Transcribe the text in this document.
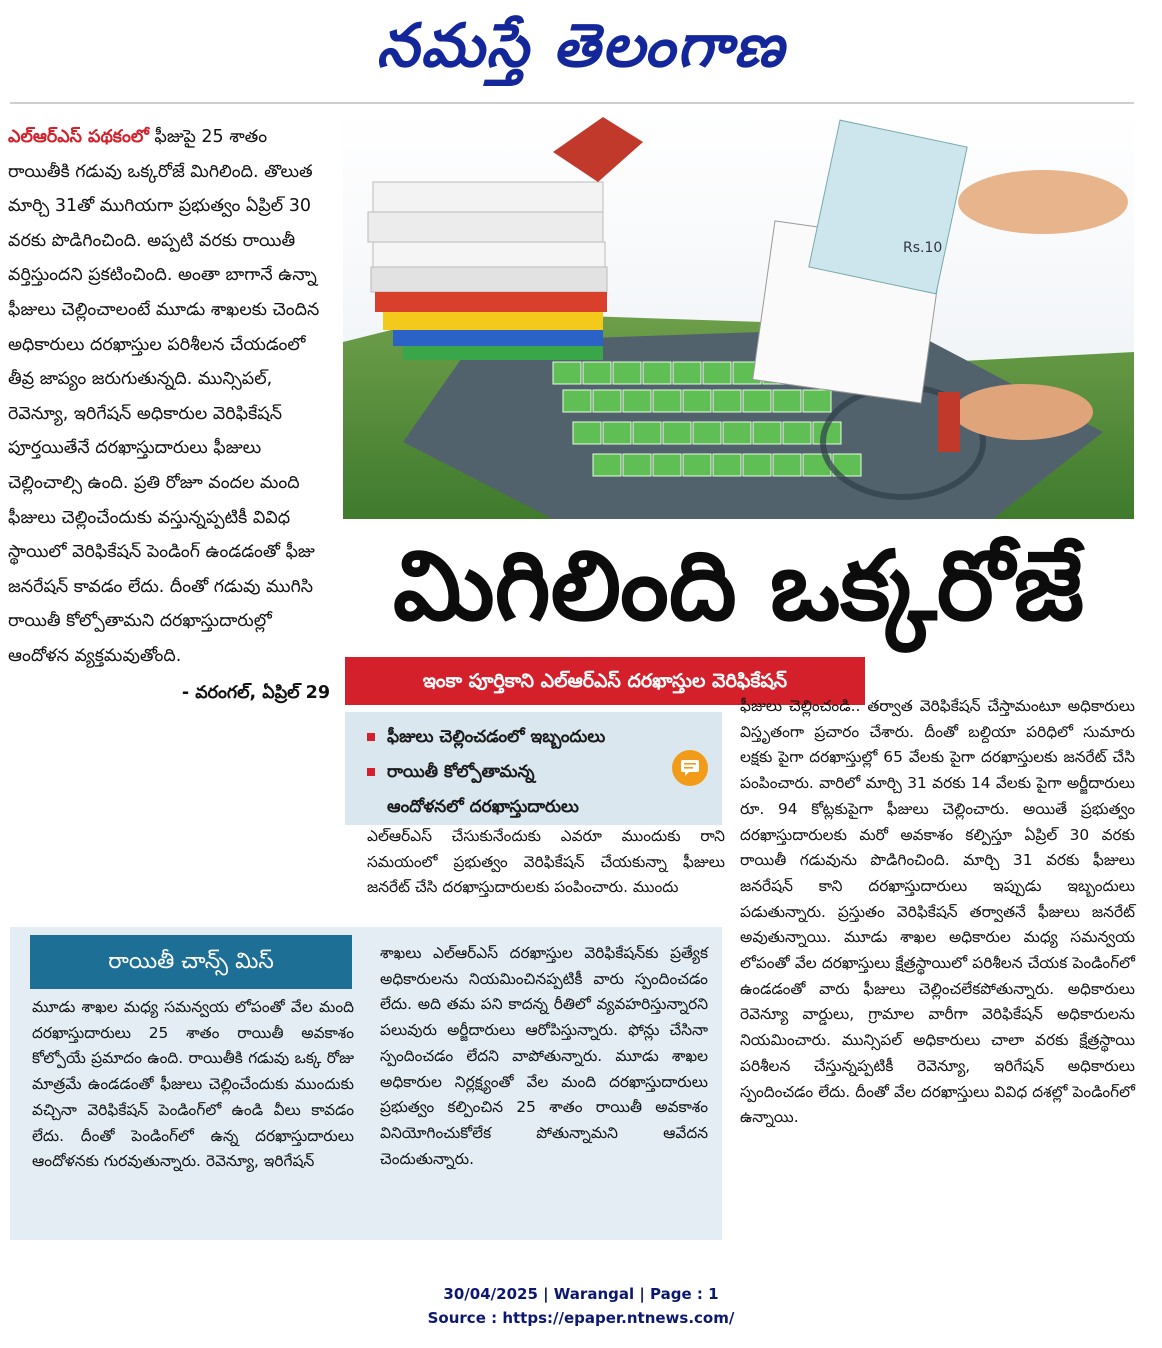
నమస్తే తెలంగాణ

ఎల్‌ఆర్‌ఎస్‌ పథకంలో ఫీజుపై 25 శాతం రాయితీకి గడువు ఒక్కరోజే మిగిలింది. తొలుత మార్చి 31తో ముగియగా ప్రభుత్వం ఏప్రిల్‌ 30 వరకు పొడిగించింది. అప్పటి వరకు రాయితీ వర్తిస్తుందని ప్రకటించింది. అంతా బాగానే ఉన్నా ఫీజులు చెల్లించాలంటే మూడు శాఖలకు చెందిన అధికారులు దరఖాస్తుల పరిశీలన చేయడంలో తీవ్ర జాప్యం జరుగుతున్నది. మున్సిపల్‌, రెవెన్యూ, ఇరిగేషన్‌ అధికారుల వెరిఫికేషన్‌ పూర్తయితేనే దరఖాస్తుదారులు ఫీజులు చెల్లించాల్సి ఉంది. ప్రతి రోజూ వందల మంది ఫీజులు చెల్లించేందుకు వస్తున్నప్పటికీ వివిధ స్థాయిలో వెరిఫికేషన్‌ పెండింగ్‌ ఉండడంతో ఫీజు జనరేషన్‌ కావడం లేదు. దీంతో గడువు ముగిసి రాయితీ కోల్పోతామని దరఖాస్తుదారుల్లో ఆందోళన వ్యక్తమవుతోంది.
- వరంగల్‌, ఏప్రిల్‌ 29

Rs.10
మిగిలింది ఒక్కరోజే
ఇంకా పూర్తికాని ఎల్‌ఆర్‌ఎస్‌ దరఖాస్తుల వెరిఫికేషన్‌
ఫీజులు చెల్లించడంలో ఇబ్బందులు
రాయితీ కోల్పోతామన్న
ఆందోళనలో దరఖాస్తుదారులు

ఎల్‌ఆర్‌ఎస్‌ చేసుకునేందుకు ఎవరూ ముందుకు రాని సమయంలో ప్రభుత్వం వెరిఫికేషన్‌ చేయకున్నా ఫీజులు జనరేట్‌ చేసి దరఖాస్తుదారులకు పంపించారు. ముందు

ఫీజులు చెల్లించండి.. తర్వాత వెరిఫికేషన్‌ చేస్తామంటూ అధికారులు విస్తృతంగా ప్రచారం చేశారు. దీంతో బల్దియా పరిధిలో సుమారు లక్షకు పైగా దరఖాస్తుల్లో 65 వేలకు పైగా దరఖాస్తులకు జనరేట్‌ చేసి పంపించారు. వారిలో మార్చి 31 వరకు 14 వేలకు పైగా అర్జీదారులు రూ. 94 కోట్లకుపైగా ఫీజులు చెల్లించారు. అయితే ప్రభుత్వం దరఖాస్తుదారులకు మరో అవకాశం కల్పిస్తూ ఏప్రిల్‌ 30 వరకు రాయితీ గడువును పొడిగించింది. మార్చి 31 వరకు ఫీజులు జనరేషన్‌ కాని దరఖాస్తుదారులు ఇప్పుడు ఇబ్బందులు పడుతున్నారు. ప్రస్తుతం వెరిఫికేషన్‌ తర్వాతనే ఫీజులు జనరేట్‌ అవుతున్నాయి. మూడు శాఖల అధికారుల మధ్య సమన్వయ లోపంతో వేల దరఖాస్తులు క్షేత్రస్థాయిలో పరిశీలన చేయక పెండింగ్‌లో ఉండడంతో వారు ఫీజులు చెల్లించలేకపోతున్నారు. అధికారులు రెవెన్యూ వార్డులు, గ్రామాల వారీగా వెరిఫికేషన్‌ అధికారులను నియమించారు. మున్సిపల్‌ అధికారులు చాలా వరకు క్షేత్రస్థాయి పరిశీలన చేస్తున్నప్పటికీ రెవెన్యూ, ఇరిగేషన్‌ అధికారులు స్పందించడం లేదు. దీంతో వేల దరఖాస్తులు వివిధ దశల్లో పెండింగ్‌లో ఉన్నాయి.

రాయితీ చాన్స్‌ మిస్‌

మూడు శాఖల మధ్య సమన్వయ లోపంతో వేల మంది దరఖాస్తుదారులు 25 శాతం రాయితీ అవకాశం కోల్పోయే ప్రమాదం ఉంది. రాయితీకి గడువు ఒక్క రోజు మాత్రమే ఉండడంతో ఫీజులు చెల్లించేందుకు ముందుకు వచ్చినా వెరిఫికేషన్‌ పెండింగ్‌లో ఉండి వీలు కావడం లేదు. దీంతో పెండింగ్‌లో ఉన్న దరఖాస్తుదారులు ఆందోళనకు గురవుతున్నారు. రెవెన్యూ, ఇరిగేషన్‌

శాఖలు ఎల్‌ఆర్‌ఎస్‌ దరఖాస్తుల వెరిఫికేషన్‌కు ప్రత్యేక అధికారులను నియమించినప్పటికీ వారు స్పందించడం లేదు. అది తమ పని కాదన్న రీతిలో వ్యవహరిస్తున్నారని పలువురు అర్జీదారులు ఆరోపిస్తున్నారు. ఫోన్లు చేసినా స్పందించడం లేదని వాపోతున్నారు. మూడు శాఖల అధికారుల నిర్లక్ష్యంతో వేల మంది దరఖాస్తుదారులు ప్రభుత్వం కల్పించిన 25 శాతం రాయితీ అవకాశం వినియోగించుకోలేక పోతున్నామని ఆవేదన చెందుతున్నారు.

30/04/2025 | Warangal | Page : 1
Source : https://epaper.ntnews.com/
